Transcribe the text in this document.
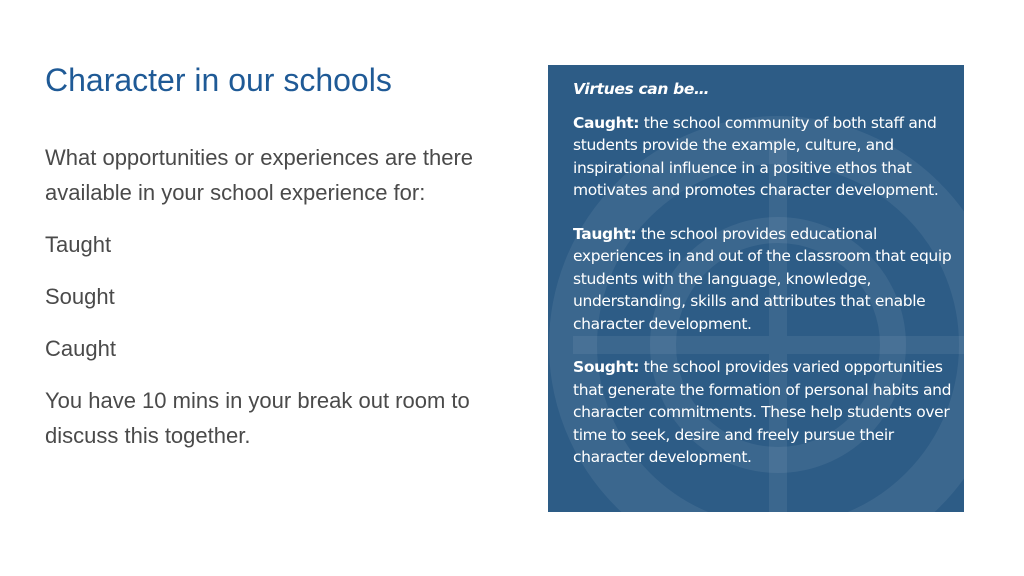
Character in our schools

What opportunities or experiences are there available in your school experience for:

Taught

Sought

Caught

You have 10 mins in your break out room to discuss this together.

Virtues can be…

Caught: the school community of both staff and students provide the example, culture, and inspirational influence in a positive ethos that motivates and promotes character development.

Taught: the school provides educational experiences in and out of the classroom that equip students with the language, knowledge, understanding, skills and attributes that enable character development.

Sought: the school provides varied opportunities that generate the formation of personal habits and character commitments. These help students over time to seek, desire and freely pursue their character development.
